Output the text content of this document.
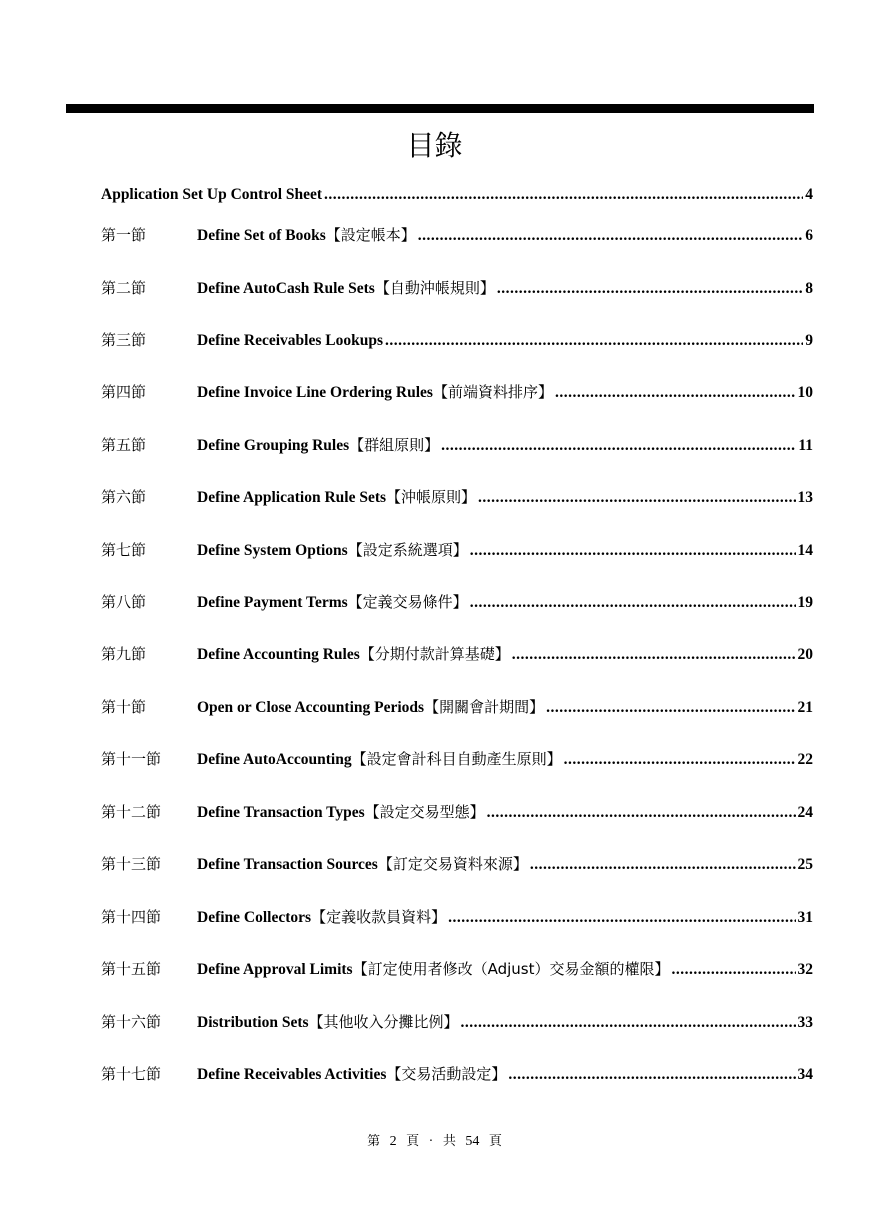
目錄
Application Set Up Control Sheet .....	4
第一節	Define Set of Books 【設定帳本】 .....	6
第二節	Define AutoCash Rule Sets 【自動沖帳規則】 .....	8
第三節	Define Receivables Lookups .....	9
第四節	Define Invoice Line Ordering Rules 【前端資料排序】 .....	10
第五節	Define Grouping Rules 【群組原則】 .....	11
第六節	Define Application Rule Sets 【沖帳原則】 .....	13
第七節	Define System Options 【設定系統選項】 .....	14
第八節	Define Payment Terms 【定義交易條件】 .....	19
第九節	Define Accounting Rules 【分期付款計算基礎】 .....	20
第十節	Open or Close Accounting Periods 【開關會計期間】 .....	21
第十一節	Define AutoAccounting 【設定會計科目自動產生原則】 .....	22
第十二節	Define Transaction Types 【設定交易型態】 .....	24
第十三節	Define Transaction Sources 【訂定交易資料來源】 .....	25
第十四節	Define Collectors 【定義收款員資料】 .....	31
第十五節	Define Approval Limits 【訂定使用者修改（Adjust）交易金額的權限】 .....	32
第十六節	Distribution Sets 【其他收入分攤比例】 .....	33
第十七節	Define Receivables Activities 【交易活動設定】 .....	34
第 2 頁 · 共 54 頁
